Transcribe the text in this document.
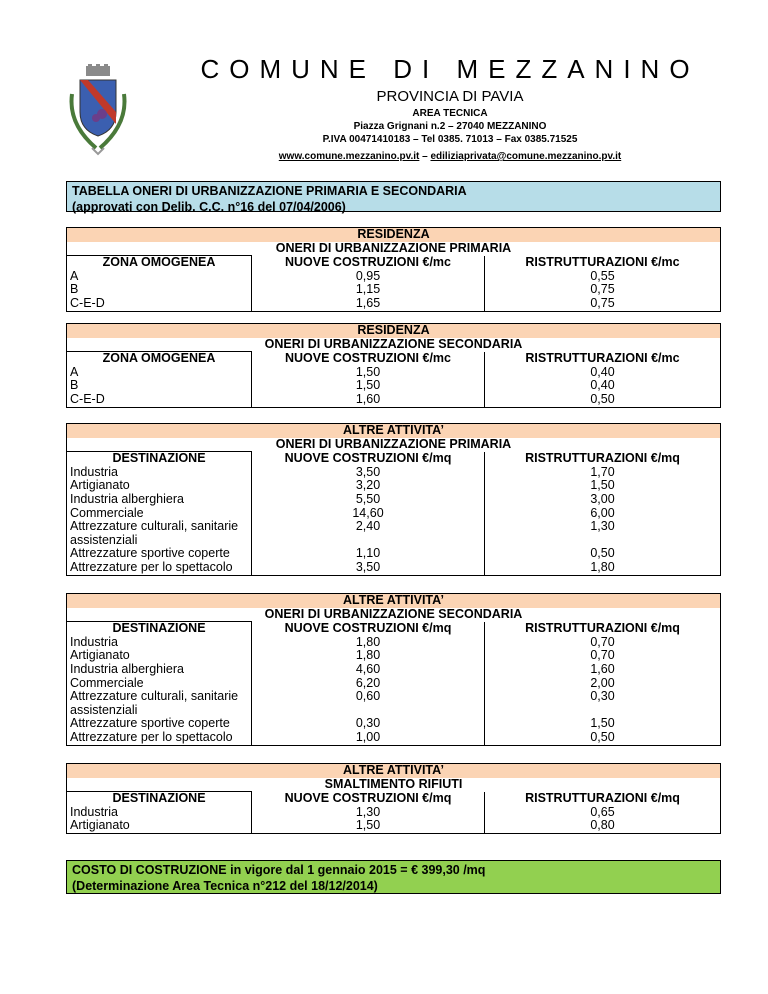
COMUNE DI MEZZANINO
PROVINCIA DI PAVIA
AREA TECNICA
Piazza Grignani n.2 – 27040 MEZZANINO
P.IVA 00471410183 – Tel 0385. 71013 – Fax 0385.71525
www.comune.mezzanino.pv.it – ediliziaprivata@comune.mezzanino.pv.it
TABELLA ONERI DI URBANIZZAZIONE PRIMARIA E SECONDARIA
(approvati con Delib. C.C. n°16 del 07/04/2006)
RESIDENZA		
ONERI DI URBANIZZAZIONE PRIMARIA		
ZONA OMOGENEA	NUOVE COSTRUZIONI €/mc	RISTRUTTURAZIONI €/mc
A	0,95	0,55
B	1,15	0,75
C-E-D	1,65	0,75
RESIDENZA		
ONERI DI URBANIZZAZIONE SECONDARIA		
ZONA OMOGENEA	NUOVE COSTRUZIONI €/mc	RISTRUTTURAZIONI €/mc
A	1,50	0,40
B	1,50	0,40
C-E-D	1,60	0,50
ALTRE ATTIVITA’		
ONERI DI URBANIZZAZIONE PRIMARIA		
DESTINAZIONE	NUOVE COSTRUZIONI €/mq	RISTRUTTURAZIONI €/mq
Industria	3,50	1,70
Artigianato	3,20	1,50
Industria alberghiera	5,50	3,00
Commerciale	14,60	6,00
Attrezzature culturali, sanitarie assistenziali	2,40	1,30
Attrezzature sportive coperte	1,10	0,50
Attrezzature per lo spettacolo	3,50	1,80
ALTRE ATTIVITA’		
ONERI DI URBANIZZAZIONE SECONDARIA		
DESTINAZIONE	NUOVE COSTRUZIONI €/mq	RISTRUTTURAZIONI €/mq
Industria	1,80	0,70
Artigianato	1,80	0,70
Industria alberghiera	4,60	1,60
Commerciale	6,20	2,00
Attrezzature culturali, sanitarie assistenziali	0,60	0,30
Attrezzature sportive coperte	0,30	1,50
Attrezzature per lo spettacolo	1,00	0,50
ALTRE ATTIVITA’		
SMALTIMENTO RIFIUTI		
DESTINAZIONE	NUOVE COSTRUZIONI €/mq	RISTRUTTURAZIONI €/mq
Industria	1,30	0,65
Artigianato	1,50	0,80
COSTO DI COSTRUZIONE in vigore dal 1 gennaio 2015 = € 399,30 /mq
(Determinazione Area Tecnica n°212 del 18/12/2014)
